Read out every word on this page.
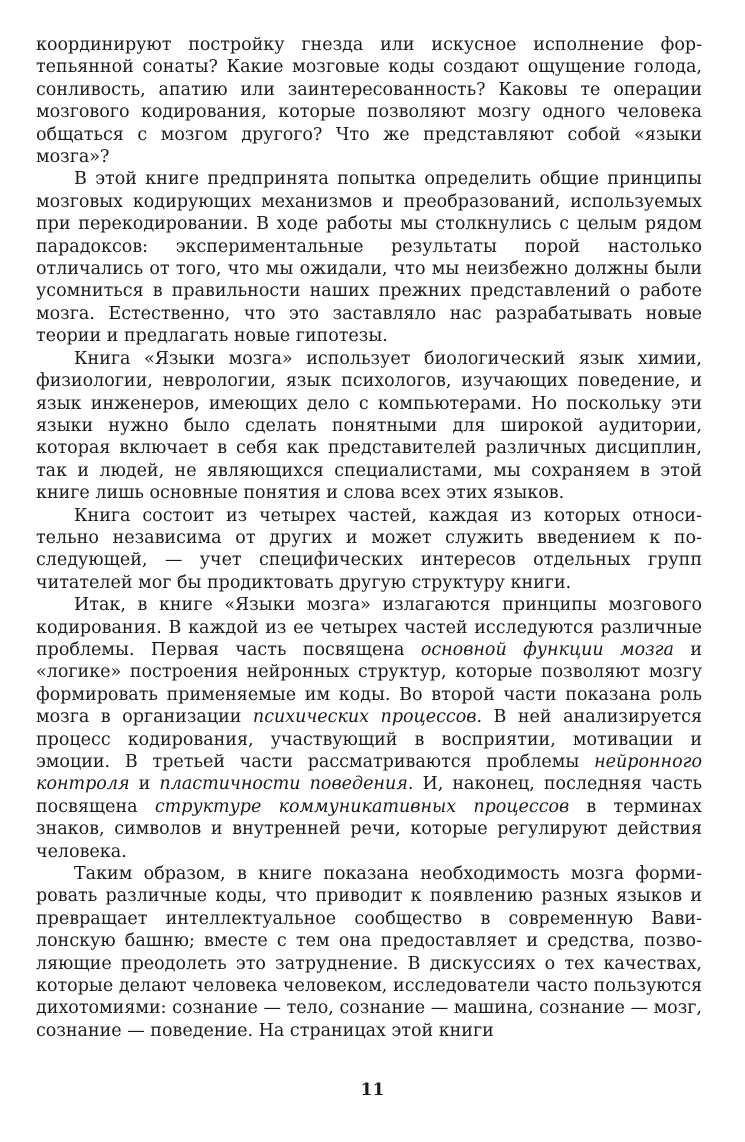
координируют постройку гнезда или искусное исполнение фортепьянной сонаты? Какие мозговые коды создают ощущение голода, сонливость, апатию или заинтересованность? Каковы те операции мозгового кодирования, которые позволяют мозгу одного человека общаться с мозгом другого? Что же представляют собой «языки мозга»?

В этой книге предпринята попытка определить общие принципы мозговых кодирующих механизмов и преобразований, используемых при перекодировании. В ходе работы мы столкнулись с целым рядом парадоксов: экспериментальные результаты порой настолько отличались от того, что мы ожидали, что мы неизбежно должны были усомниться в правильности наших прежних представлений о работе мозга. Естественно, что это заставляло нас разрабатывать новые теории и предлагать новые гипотезы.

Книга «Языки мозга» использует биологический язык химии, физиологии, неврологии, язык психологов, изучающих поведение, и язык инженеров, имеющих дело с компьютерами. Но поскольку эти языки нужно было сделать понятными для широкой аудитории, которая включает в себя как представителей различных дисциплин, так и людей, не являющихся специалистами, мы сохраняем в этой книге лишь основные понятия и слова всех этих языков.

Книга состоит из четырех частей, каждая из которых относительно независима от других и может служить введением к последующей, — учет специфических интересов отдельных групп читателей мог бы продиктовать другую структуру книги.

Итак, в книге «Языки мозга» излагаются принципы мозгового кодирования. В каждой из ее четырех частей исследуются различные проблемы. Первая часть посвящена основной функции мозга и «логике» построения нейронных структур, которые позволяют мозгу формировать применяемые им коды. Во второй части показана роль мозга в организации психических процессов. В ней анализируется процесс кодирования, участвующий в восприятии, мотивации и эмоции. В третьей части рассматриваются проблемы нейронного контроля и пластичности поведения. И, наконец, последняя часть посвящена структуре коммуникативных процессов в терминах знаков, символов и внутренней речи, которые регулируют действия человека.

Таким образом, в книге показана необходимость мозга формировать различные коды, что приводит к появлению разных языков и превращает интеллектуальное сообщество в современную Вавилонскую башню; вместе с тем она предоставляет и средства, позволяющие преодолеть это затруднение. В дискуссиях о тех качествах, которые делают человека человеком, исследователи часто пользуются дихотомиями: сознание — тело, сознание — машина, сознание — мозг, сознание — поведение. На страницах этой книги

11
